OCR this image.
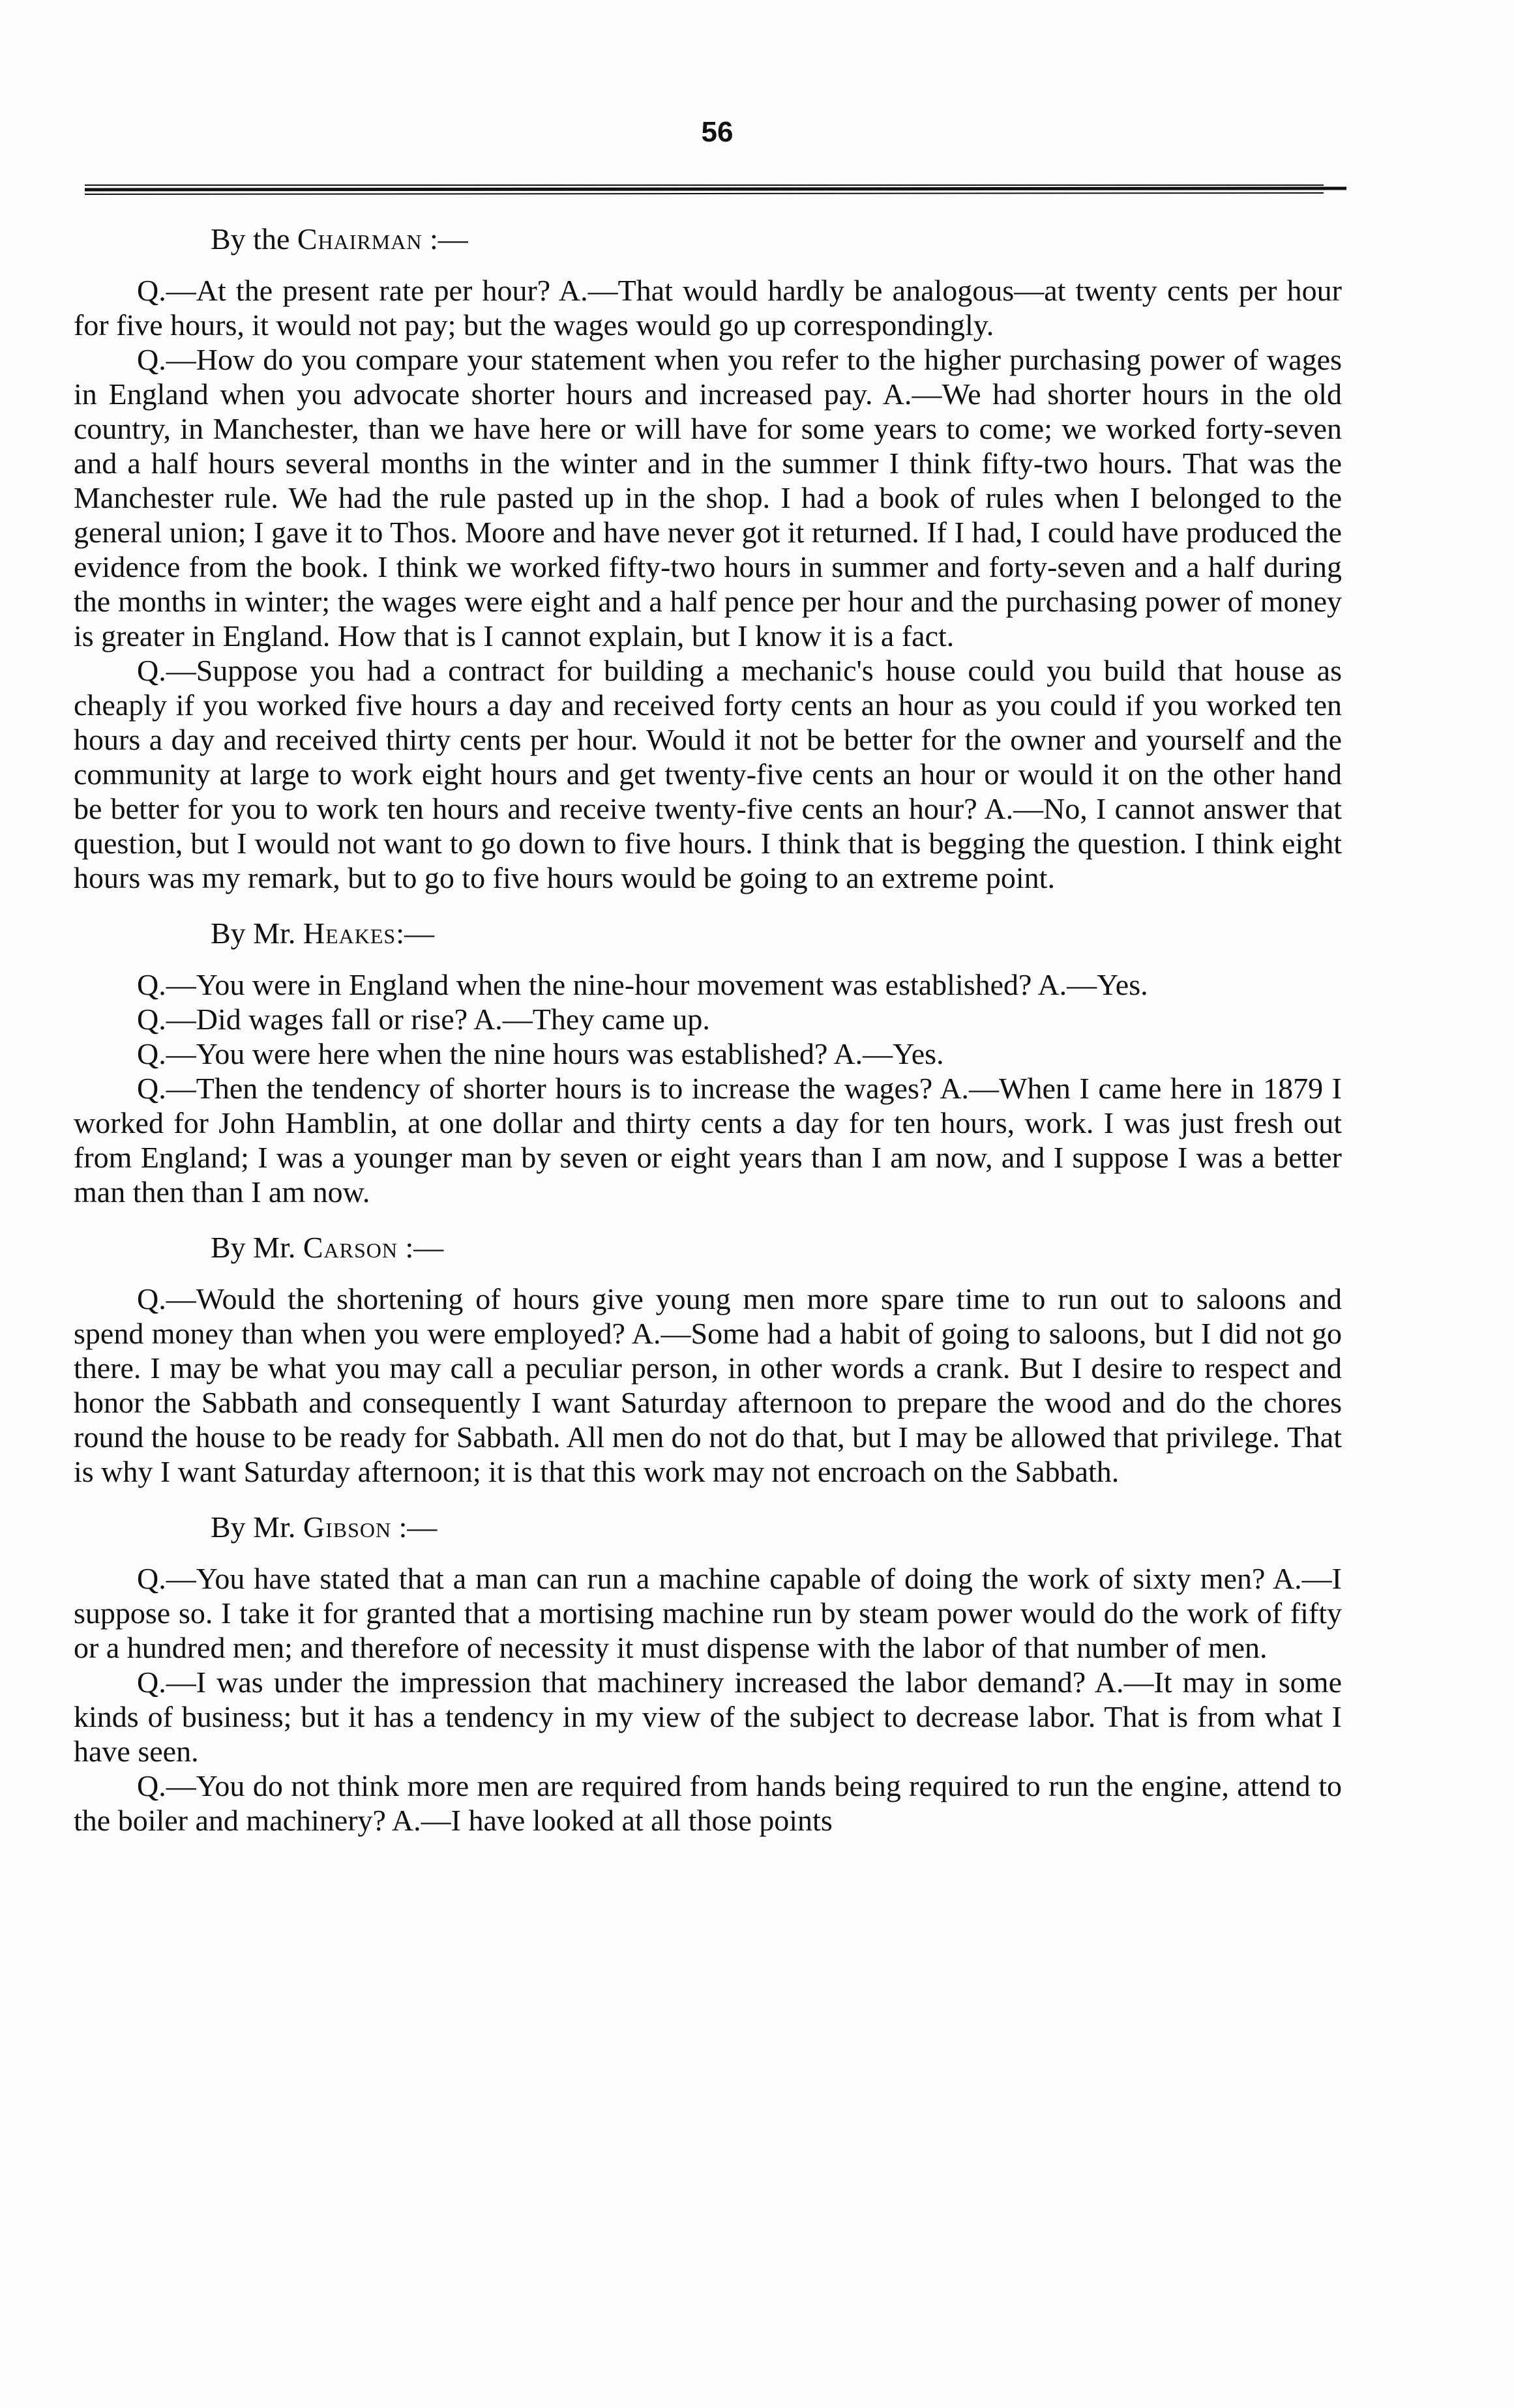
56

By the Chairman :—

Q.—At the present rate per hour? A.—That would hardly be analogous—at twenty cents per hour for five hours, it would not pay; but the wages would go up correspondingly.

Q.—How do you compare your statement when you refer to the higher purchasing power of wages in England when you advocate shorter hours and increased pay. A.—We had shorter hours in the old country, in Manchester, than we have here or will have for some years to come; we worked forty-seven and a half hours several months in the winter and in the summer I think fifty-two hours. That was the Manchester rule. We had the rule pasted up in the shop. I had a book of rules when I belonged to the general union; I gave it to Thos. Moore and have never got it returned. If I had, I could have produced the evidence from the book. I think we worked fifty-two hours in summer and forty-seven and a half during the months in winter; the wages were eight and a half pence per hour and the purchasing power of money is greater in England. How that is I cannot explain, but I know it is a fact.

Q.—Suppose you had a contract for building a mechanic's house could you build that house as cheaply if you worked five hours a day and received forty cents an hour as you could if you worked ten hours a day and received thirty cents per hour. Would it not be better for the owner and yourself and the community at large to work eight hours and get twenty-five cents an hour or would it on the other hand be better for you to work ten hours and receive twenty-five cents an hour? A.—No, I cannot answer that question, but I would not want to go down to five hours. I think that is begging the question. I think eight hours was my remark, but to go to five hours would be going to an extreme point.

By Mr. Heakes:—

Q.—You were in England when the nine-hour movement was established? A.—Yes.

Q.—Did wages fall or rise? A.—They came up.

Q.—You were here when the nine hours was established? A.—Yes.

Q.—Then the tendency of shorter hours is to increase the wages? A.—When I came here in 1879 I worked for John Hamblin, at one dollar and thirty cents a day for ten hours, work. I was just fresh out from England; I was a younger man by seven or eight years than I am now, and I suppose I was a better man then than I am now.

By Mr. Carson :—

Q.—Would the shortening of hours give young men more spare time to run out to saloons and spend money than when you were employed? A.—Some had a habit of going to saloons, but I did not go there. I may be what you may call a peculiar person, in other words a crank. But I desire to respect and honor the Sabbath and consequently I want Saturday afternoon to prepare the wood and do the chores round the house to be ready for Sabbath. All men do not do that, but I may be allowed that privilege. That is why I want Saturday afternoon; it is that this work may not encroach on the Sabbath.

By Mr. Gibson :—

Q.—You have stated that a man can run a machine capable of doing the work of sixty men? A.—I suppose so. I take it for granted that a mortising machine run by steam power would do the work of fifty or a hundred men; and therefore of necessity it must dispense with the labor of that number of men.

Q.—I was under the impression that machinery increased the labor demand? A.—It may in some kinds of business; but it has a tendency in my view of the subject to decrease labor. That is from what I have seen.

Q.—You do not think more men are required from hands being required to run the engine, attend to the boiler and machinery? A.—I have looked at all those points
